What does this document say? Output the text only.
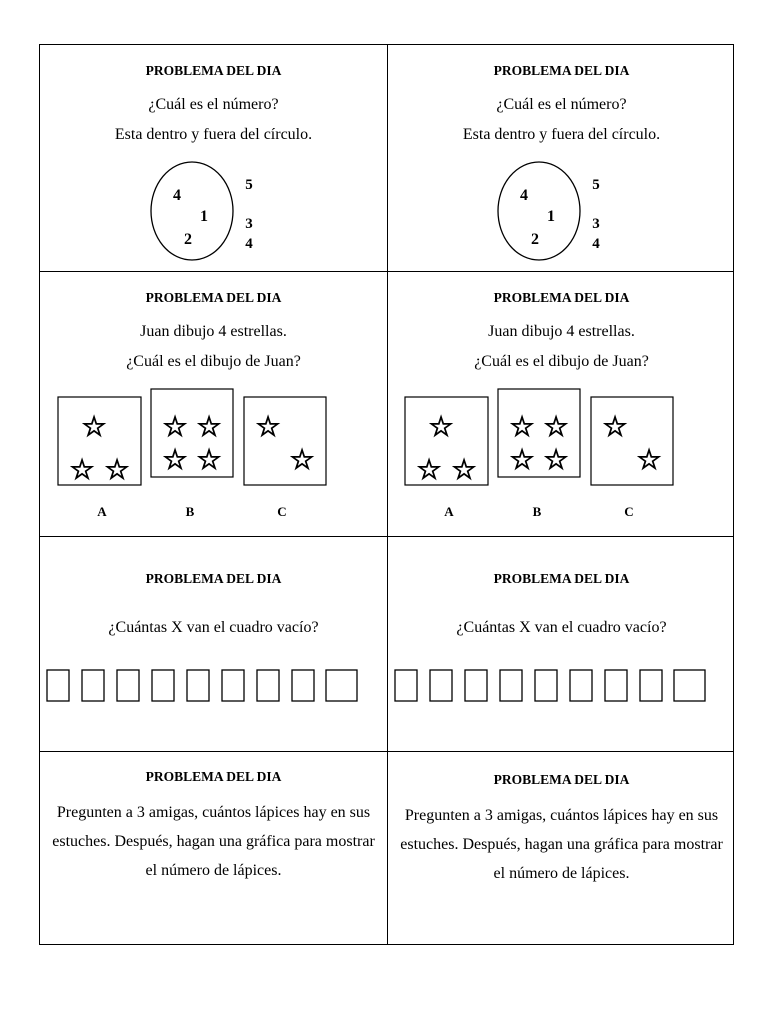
PROBLEMA DEL DIA
¿Cuál es el número?
Esta dentro y fuera del círculo.
4
1
2
5
3
4
PROBLEMA DEL DIA
¿Cuál es el número?
Esta dentro y fuera del círculo.
4
1
2
5
3
4
PROBLEMA DEL DIA
Juan dibujo 4 estrellas.
¿Cuál es el dibujo de Juan?
☆
☆ ☆
☆ ☆
☆ ☆
☆
☆
A	B	C
PROBLEMA DEL DIA
Juan dibujo 4 estrellas.
¿Cuál es el dibujo de Juan?
☆
☆ ☆
☆ ☆
☆ ☆
☆
☆
A	B	C
PROBLEMA DEL DIA
¿Cuántas X van el cuadro vacío?
PROBLEMA DEL DIA
¿Cuántas X van el cuadro vacío?
PROBLEMA DEL DIA
Pregunten a 3 amigas, cuántos lápices hay en sus estuches. Después, hagan una gráfica para mostrar el número de lápices.
PROBLEMA DEL DIA
Pregunten a 3 amigas, cuántos lápices hay en sus estuches. Después, hagan una gráfica para mostrar el número de lápices.
